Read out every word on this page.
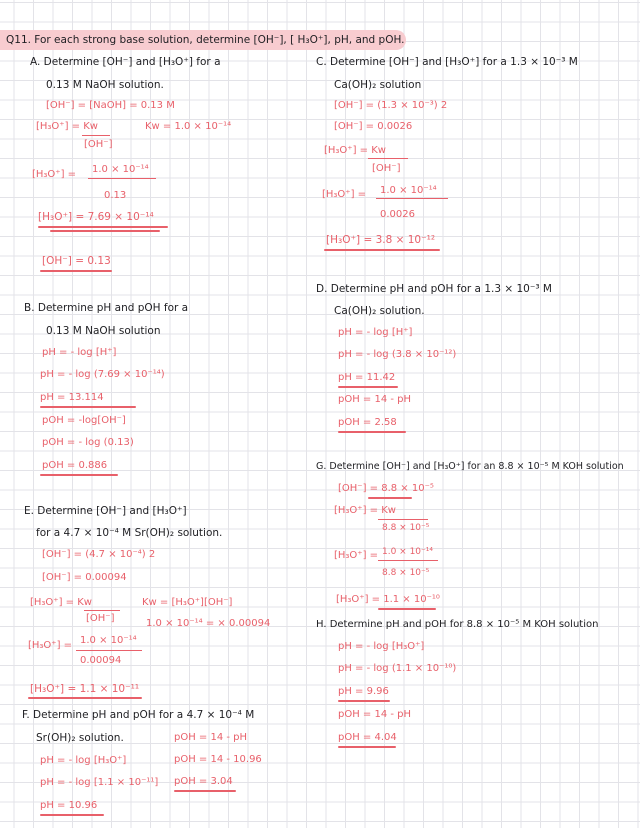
Q11. For each strong base solution, determine [OH⁻], [ H₃O⁺], pH, and pOH.
A. Determine [OH⁻] and [H₃O⁺] for a
0.13 M NaOH solution.
[OH⁻] = [NaOH] = 0.13 M
[H₃O⁺] = Kw
[OH⁻]
Kw = 1.0 × 10⁻¹⁴
[H₃O⁺] = 1.0 × 10⁻¹⁴
0.13
[H₃O⁺] = 7.69 × 10⁻¹⁴
[OH⁻] = 0.13
B. Determine pH and pOH for a
0.13 M NaOH solution
pH = - log [H⁺]
pH = - log (7.69 × 10⁻¹⁴)
pH = 13.114
pOH = -log[OH⁻]
pOH = - log (0.13)
pOH = 0.886
E. Determine [OH⁻] and [H₃O⁺]
for a 4.7 × 10⁻⁴ M Sr(OH)₂ solution.
[OH⁻] = (4.7 × 10⁻⁴) 2
[OH⁻] = 0.00094
[H₃O⁺] = Kw
[OH⁻]
Kw = [H₃O⁺][OH⁻]
1.0 × 10⁻¹⁴ = × 0.00094
[H₃O⁺] = 1.0 × 10⁻¹⁴
0.00094
[H₃O⁺] = 1.1 × 10⁻¹¹
F. Determine pH and pOH for a 4.7 × 10⁻⁴ M
Sr(OH)₂ solution.
pH = - log [H₃O⁺]
pH = - log [1.1 × 10⁻¹¹]
pH = 10.96
pOH = 14 - pH
pOH = 14 - 10.96
pOH = 3.04
C. Determine [OH⁻] and [H₃O⁺] for a 1.3 × 10⁻³ M
Ca(OH)₂ solution
[OH⁻] = (1.3 × 10⁻³) 2
[OH⁻] = 0.0026
[H₃O⁺] = Kw
[OH⁻]
[H₃O⁺] = 1.0 × 10⁻¹⁴
0.0026
[H₃O⁺] = 3.8 × 10⁻¹²
D. Determine pH and pOH for a 1.3 × 10⁻³ M
Ca(OH)₂ solution.
pH = - log [H⁺]
pH = - log (3.8 × 10⁻¹²)
pH = 11.42
pOH = 14 - pH
pOH = 2.58
G. Determine [OH⁻] and [H₃O⁺] for an 8.8 × 10⁻⁵ M KOH solution
[OH⁻] = 8.8 × 10⁻⁵
[H₃O⁺] = Kw
8.8 × 10⁻⁵
[H₃O⁺] = 1.0 × 10⁻¹⁴
8.8 × 10⁻⁵
[H₃O⁺] = 1.1 × 10⁻¹⁰
H. Determine pH and pOH for 8.8 × 10⁻⁵ M KOH solution
pH = - log [H₃O⁺]
pH = - log (1.1 × 10⁻¹⁰)
pH = 9.96
pOH = 14 - pH
pOH = 4.04
